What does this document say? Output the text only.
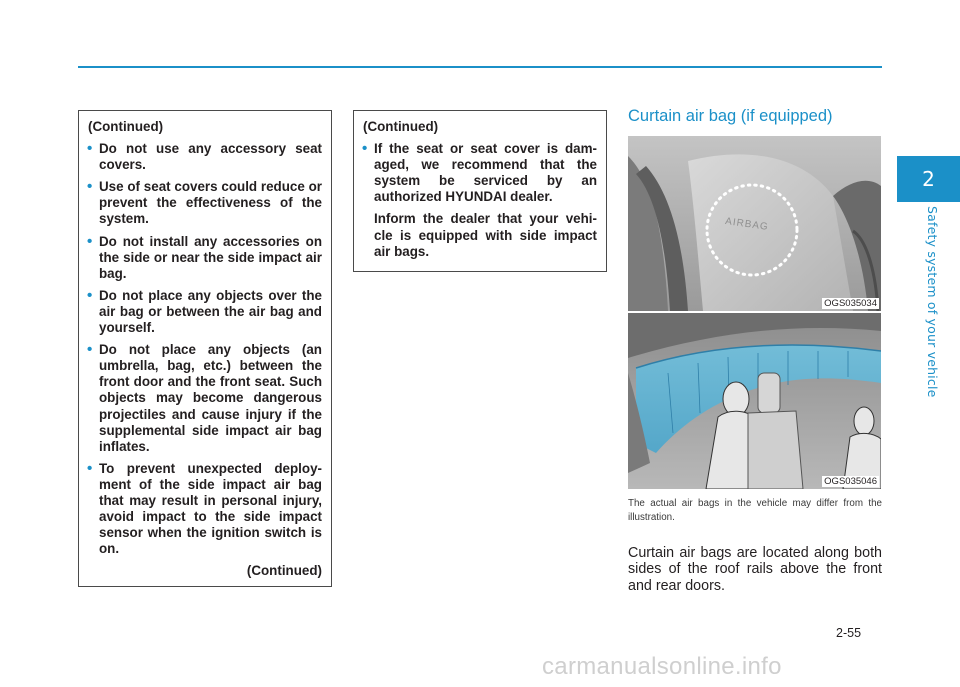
2
Safety system of your vehicle
(Continued)
• Do not use any accessory seat covers.
• Use of seat covers could reduce or prevent the effectiveness of the system.
• Do not install any accessories on the side or near the side impact air bag.
• Do not place any objects over the air bag or between the air bag and yourself.
• Do not place any objects (an umbrella, bag, etc.) between the front door and the front seat. Such objects may become dangerous projectiles and cause injury if the supplemental side impact air bag inflates.
• To prevent unexpected deploy-ment of the side impact air bag that may result in personal injury, avoid impact to the side impact sensor when the ignition switch is on.
(Continued)
(Continued)
• If the seat or seat cover is dam-aged, we recommend that the system be serviced by an authorized HYUNDAI dealer.
Inform the dealer that your vehi-cle is equipped with side impact air bags.
Curtain air bag (if equipped)
AIRBAG
OGS035034
OGS035046
The actual air bags in the vehicle may differ from the illustration.
Curtain air bags are located along both sides of the roof rails above the front and rear doors.
2-55
carmanualsonline.info
